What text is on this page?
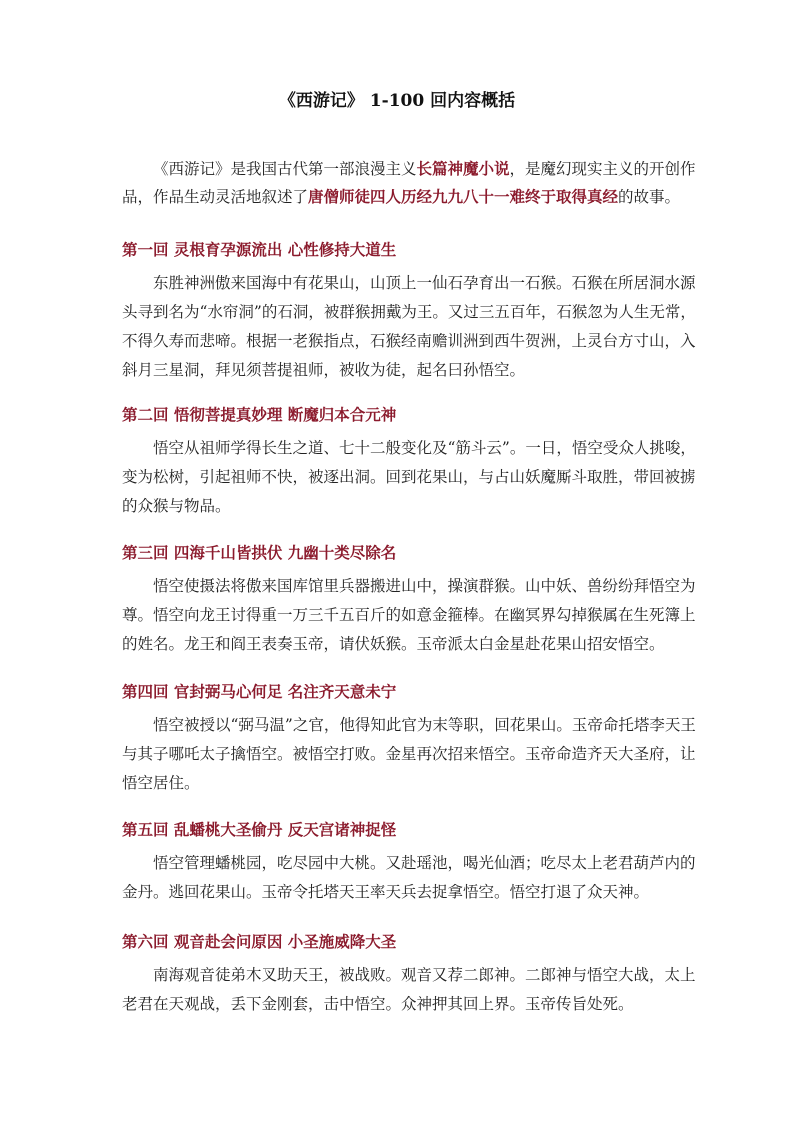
《西游记》 1-100 回内容概括

《西游记》是我国古代第一部浪漫主义长篇神魔小说，是魔幻现实主义的开创作品，作品生动灵活地叙述了唐僧师徒四人历经九九八十一难终于取得真经的故事。

第一回 灵根育孕源流出 心性修持大道生

东胜神洲傲来国海中有花果山，山顶上一仙石孕育出一石猴。石猴在所居洞水源头寻到名为“水帘洞”的石洞，被群猴拥戴为王。又过三五百年，石猴忽为人生无常，不得久寿而悲啼。根据一老猴指点，石猴经南赡训洲到西牛贺洲，上灵台方寸山，入斜月三星洞，拜见须菩提祖师，被收为徒，起名曰孙悟空。

第二回 悟彻菩提真妙理 断魔归本合元神

悟空从祖师学得长生之道、七十二般变化及“筋斗云”。一日，悟空受众人挑唆，变为松树，引起祖师不快，被逐出洞。回到花果山，与占山妖魔厮斗取胜，带回被掳的众猴与物品。

第三回 四海千山皆拱伏 九幽十类尽除名

悟空使摄法将傲来国库馆里兵器搬进山中，操演群猴。山中妖、兽纷纷拜悟空为尊。悟空向龙王讨得重一万三千五百斤的如意金箍棒。在幽冥界勾掉猴属在生死簿上的姓名。龙王和阎王表奏玉帝，请伏妖猴。玉帝派太白金星赴花果山招安悟空。

第四回 官封弼马心何足 名注齐天意未宁

悟空被授以“弼马温”之官，他得知此官为末等职，回花果山。玉帝命托塔李天王与其子哪吒太子擒悟空。被悟空打败。金星再次招来悟空。玉帝命造齐天大圣府，让悟空居住。

第五回 乱蟠桃大圣偷丹 反天宫诸神捉怪

悟空管理蟠桃园，吃尽园中大桃。又赴瑶池，喝光仙酒；吃尽太上老君葫芦内的金丹。逃回花果山。玉帝令托塔天王率天兵去捉拿悟空。悟空打退了众天神。

第六回 观音赴会问原因 小圣施威降大圣

南海观音徒弟木叉助天王，被战败。观音又荐二郎神。二郎神与悟空大战，太上老君在天观战，丢下金刚套，击中悟空。众神押其回上界。玉帝传旨处死。
